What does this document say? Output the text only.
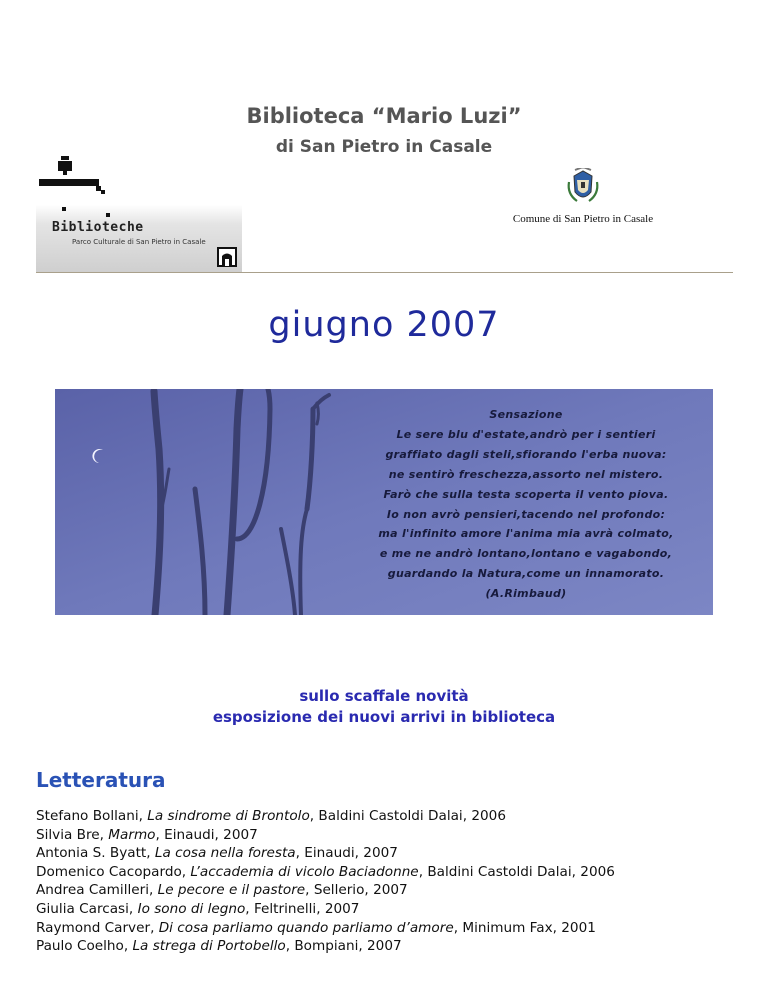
Biblioteca “Mario Luzi”
di San Pietro in Casale
Biblioteche
Parco Culturale di San Pietro in Casale
Comune di San Pietro in Casale
giugno 2007
Sensazione
Le sere blu d'estate,andrò per i sentieri
graffiato dagli steli,sfiorando l'erba nuova:
ne sentirò freschezza,assorto nel mistero.
Farò che sulla testa scoperta il vento piova.
Io non avrò pensieri,tacendo nel profondo:
ma l'infinito amore l'anima mia avrà colmato,
e me ne andrò lontano,lontano e vagabondo,
guardando la Natura,come un innamorato.
(A.Rimbaud)
sullo scaffale novità
esposizione dei nuovi arrivi in biblioteca
Letteratura
Stefano Bollani, La sindrome di Brontolo, Baldini Castoldi Dalai, 2006
Silvia Bre, Marmo, Einaudi, 2007
Antonia S. Byatt, La cosa nella foresta, Einaudi, 2007
Domenico Cacopardo, L’accademia di vicolo Baciadonne, Baldini Castoldi Dalai, 2006
Andrea Camilleri, Le pecore e il pastore, Sellerio, 2007
Giulia Carcasi, Io sono di legno, Feltrinelli, 2007
Raymond Carver, Di cosa parliamo quando parliamo d’amore, Minimum Fax, 2001
Paulo Coelho, La strega di Portobello, Bompiani, 2007
